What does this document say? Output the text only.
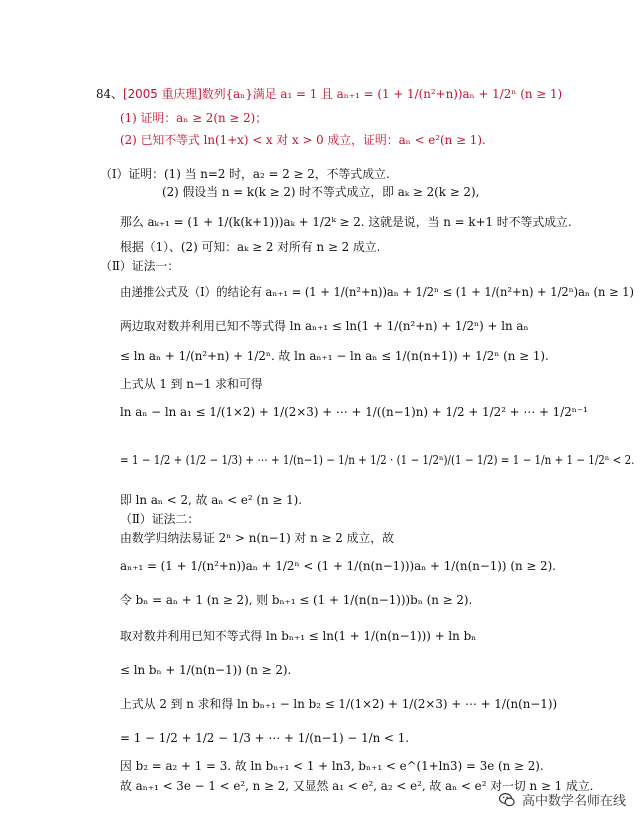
84、[2005 重庆理]数列{aₙ}满足 a₁ = 1 且 aₙ₊₁ = (1 + 1/(n²+n))aₙ + 1/2ⁿ (n ≥ 1)
(1) 证明：aₙ ≥ 2(n ≥ 2)；
(2) 已知不等式 ln(1+x) < x 对 x > 0 成立，证明：aₙ < e²(n ≥ 1).
（Ⅰ）证明：(1) 当 n=2 时，a₂ = 2 ≥ 2，不等式成立.
(2) 假设当 n = k(k ≥ 2) 时不等式成立，即 aₖ ≥ 2(k ≥ 2),
那么 aₖ₊₁ = (1 + 1/(k(k+1)))aₖ + 1/2ᵏ ≥ 2. 这就是说，当 n = k+1 时不等式成立.
根据（1）、(2) 可知：aₖ ≥ 2 对所有 n ≥ 2 成立.
（Ⅱ）证法一：
由递推公式及（Ⅰ）的结论有 aₙ₊₁ = (1 + 1/(n²+n))aₙ + 1/2ⁿ ≤ (1 + 1/(n²+n) + 1/2ⁿ)aₙ (n ≥ 1)
两边取对数并利用已知不等式得 ln aₙ₊₁ ≤ ln(1 + 1/(n²+n) + 1/2ⁿ) + ln aₙ
≤ ln aₙ + 1/(n²+n) + 1/2ⁿ. 故 ln aₙ₊₁ − ln aₙ ≤ 1/(n(n+1)) + 1/2ⁿ (n ≥ 1).
上式从 1 到 n−1 求和可得
ln aₙ − ln a₁ ≤ 1/(1×2) + 1/(2×3) + ⋯ + 1/((n−1)n) + 1/2 + 1/2² + ⋯ + 1/2ⁿ⁻¹
= 1 − 1/2 + (1/2 − 1/3) + ⋯ + 1/(n−1) − 1/n + 1/2 · (1 − 1/2ⁿ)/(1 − 1/2) = 1 − 1/n + 1 − 1/2ⁿ < 2.
即 ln aₙ < 2, 故 aₙ < e² (n ≥ 1).
（Ⅱ）证法二：
由数学归纳法易证 2ⁿ > n(n−1) 对 n ≥ 2 成立，故
aₙ₊₁ = (1 + 1/(n²+n))aₙ + 1/2ⁿ < (1 + 1/(n(n−1)))aₙ + 1/(n(n−1)) (n ≥ 2).
令 bₙ = aₙ + 1 (n ≥ 2), 则 bₙ₊₁ ≤ (1 + 1/(n(n−1)))bₙ (n ≥ 2).
取对数并利用已知不等式得 ln bₙ₊₁ ≤ ln(1 + 1/(n(n−1))) + ln bₙ
≤ ln bₙ + 1/(n(n−1)) (n ≥ 2).
上式从 2 到 n 求和得 ln bₙ₊₁ − ln b₂ ≤ 1/(1×2) + 1/(2×3) + ⋯ + 1/(n(n−1))
= 1 − 1/2 + 1/2 − 1/3 + ⋯ + 1/(n−1) − 1/n < 1.
因 b₂ = a₂ + 1 = 3. 故 ln bₙ₊₁ < 1 + ln3, bₙ₊₁ < e^(1+ln3) = 3e (n ≥ 2).
故 aₙ₊₁ < 3e − 1 < e², n ≥ 2, 又显然 a₁ < e², a₂ < e², 故 aₙ < e² 对一切 n ≥ 1 成立.
高中数学名师在线
